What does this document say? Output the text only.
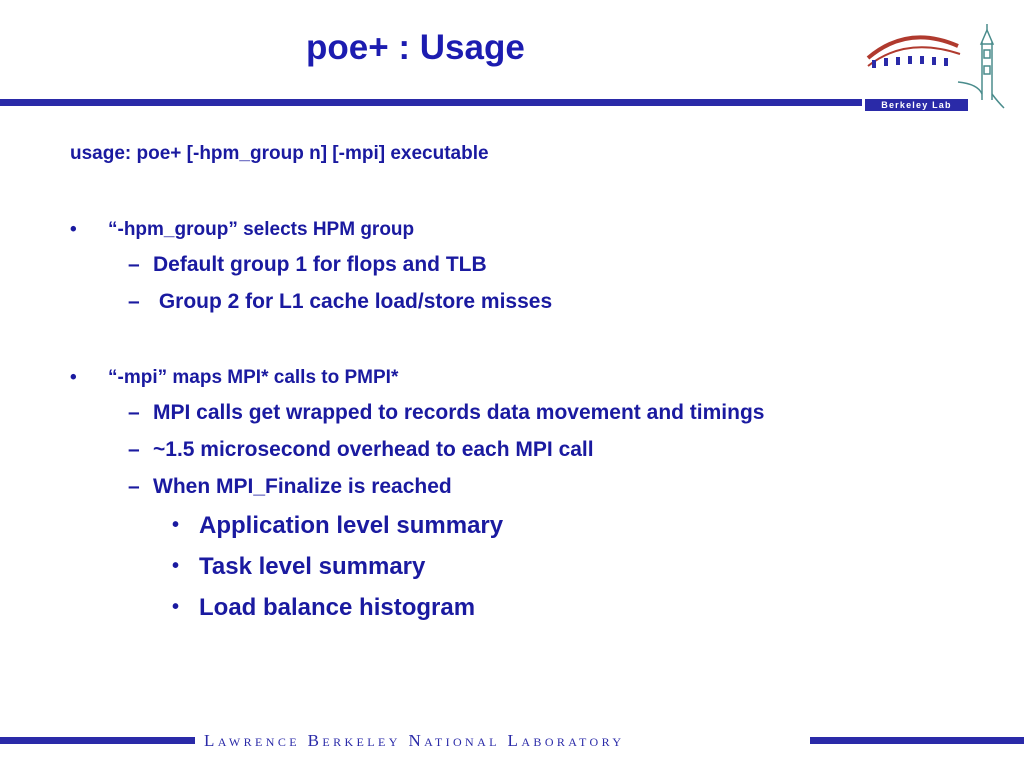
poe+ : Usage
Berkeley Lab
usage: poe+ [-hpm_group n] [-mpi] executable
•	“-hpm_group” selects HPM group
– Default group 1 for flops and TLB
– Group 2 for L1 cache load/store misses
•	“-mpi” maps MPI* calls to PMPI*
– MPI calls get wrapped to records data movement and timings
– ~1.5 microsecond overhead to each MPI call
– When MPI_Finalize is reached
• Application level summary
• Task level summary
• Load balance histogram
Lawrence Berkeley National Laboratory
